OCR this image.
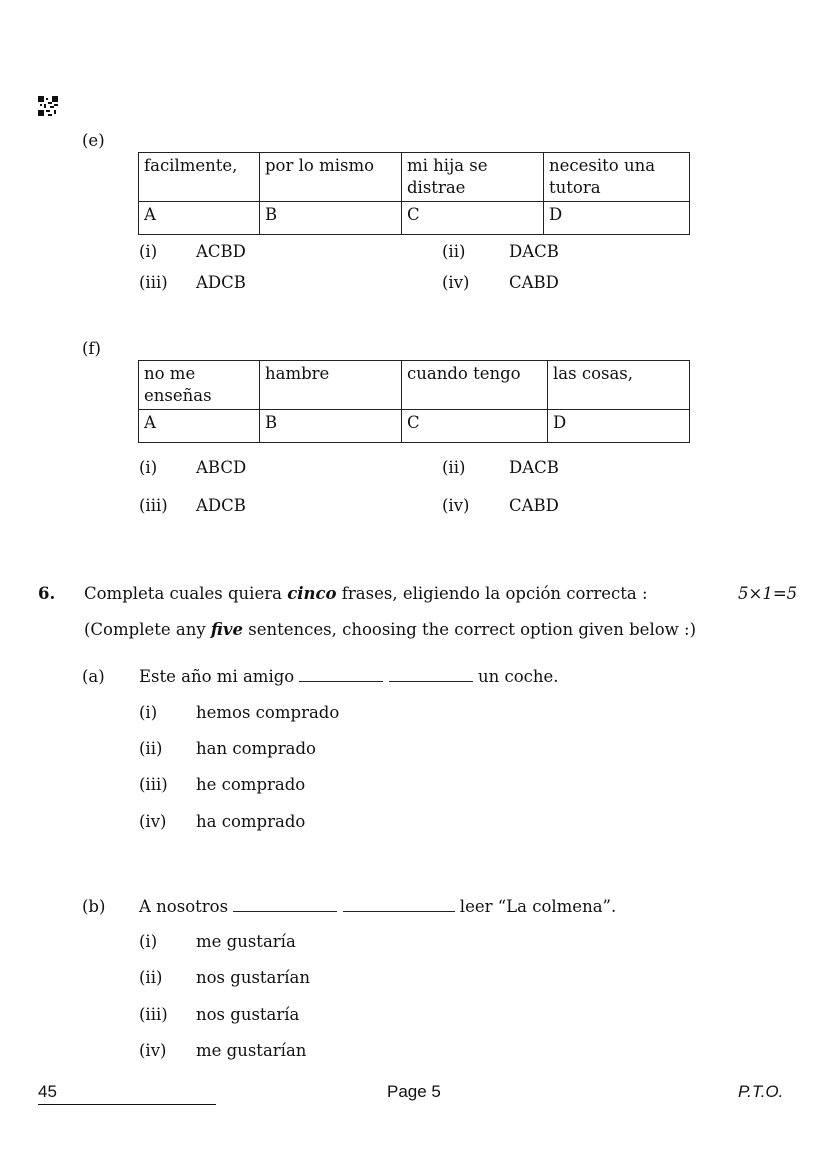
(e)
facilmente,	por lo mismo	mi hija se distrae	necesito una tutora
A	B	C	D
(i) ACBD	(ii)	DACB
(iii) ADCB	(iv) CABD
(f)
no me enseñas	hambre	cuando tengo	las cosas,
A	B	C	D
(i) ABCD	(ii)	DACB
(iii) ADCB	(iv) CABD
6. Completa cuales quiera cinco frases, eligiendo la opción correcta :	5×1=5
(Complete any five sentences, choosing the correct option given below :)
(a) Este año mi amigo	un coche.
(i) hemos comprado
(ii) han comprado
(iii) he comprado
(iv) ha comprado
(b) A nosotros	leer “La colmena”.
(i) me gustaría
(ii) nos gustarían
(iii) nos gustaría
(iv) me gustarían
45	Page 5	P.T.O.
